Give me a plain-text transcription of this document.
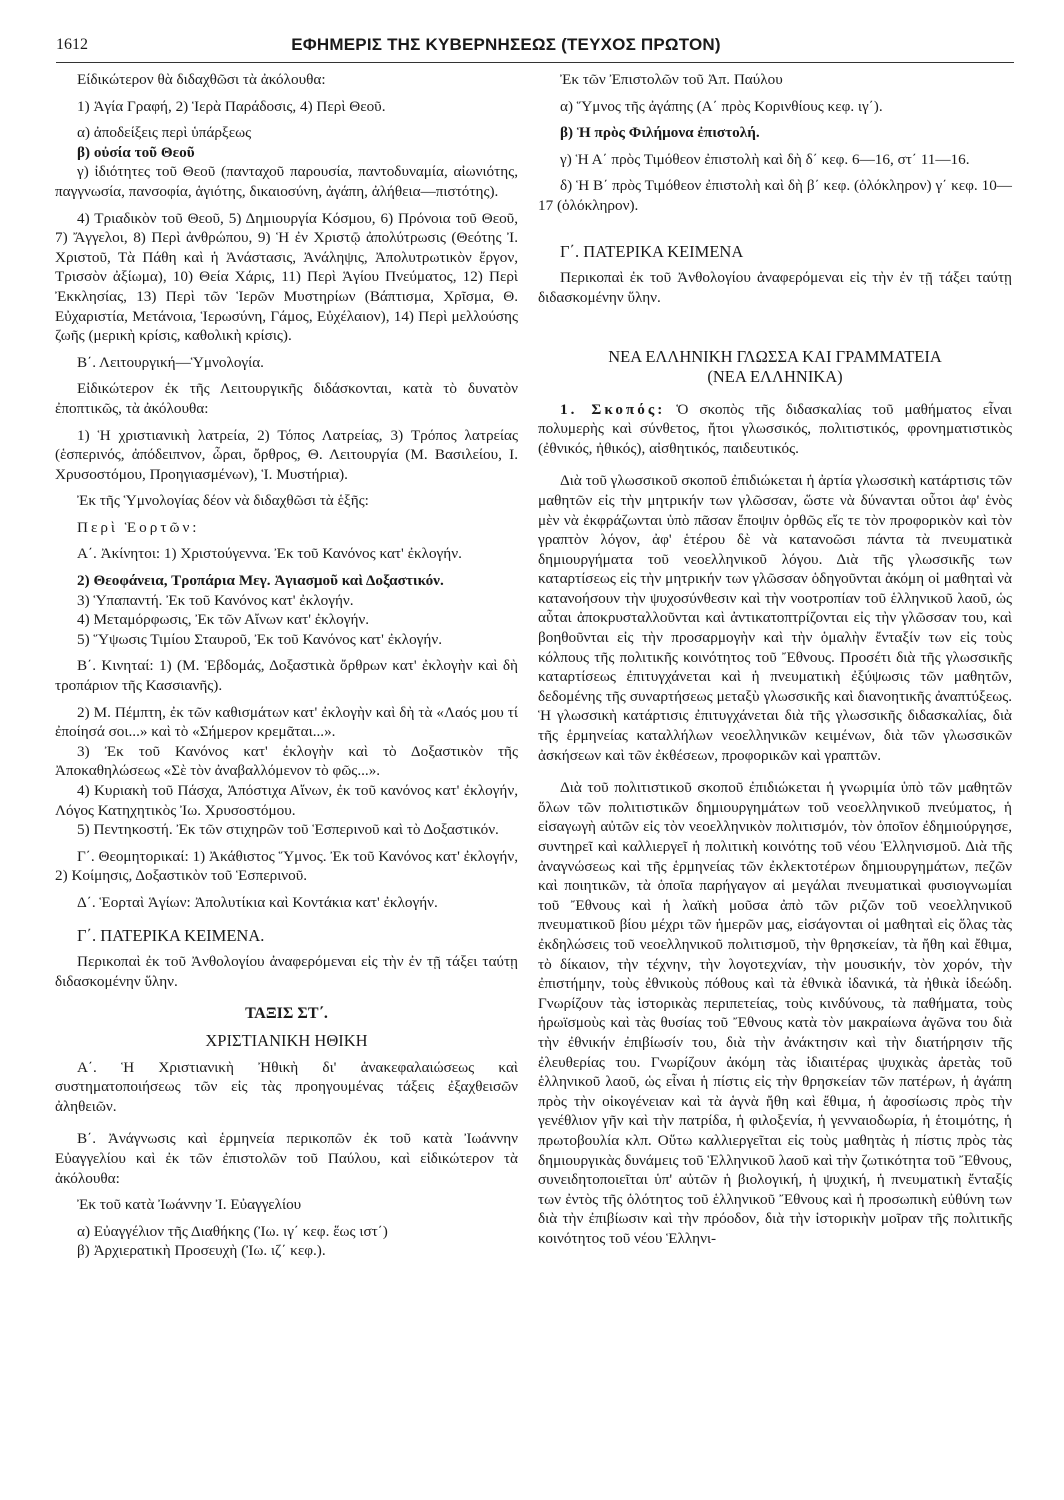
1612	ΕΦΗΜΕΡΙΣ ΤΗΣ ΚΥΒΕΡΝΗΣΕΩΣ (ΤΕΥΧΟΣ ΠΡΩΤΟΝ)

Είδικώτερον θὰ διδαχθῶσι τὰ ἀκόλουθα:

1) Ἁγία Γραφή, 2) Ἱερὰ Παράδοσις, 4) Περὶ Θεοῦ.

α) ἀποδείξεις περὶ ὑπάρξεως

β) οὐσία τοῦ Θεοῦ

γ) ἰδιότητες τοῦ Θεοῦ (πανταχοῦ παρουσία, παντοδυναμία, αἰωνιότης, παγγνωσία, πανσοφία, ἁγιότης, δικαιοσύνη, ἀγάπη, ἀλήθεια—πιστότης).

4) Τριαδικὸν τοῦ Θεοῦ, 5) Δημιουργία Κόσμου, 6) Πρόνοια τοῦ Θεοῦ, 7) Ἄγγελοι, 8) Περὶ ἀνθρώπου, 9) Ἡ ἐν Χριστῷ ἀπολύτρωσις (Θεότης Ἰ. Χριστοῦ, Τὰ Πάθη καὶ ἡ Ἀνάστασις, Ἀνάληψις, Ἀπολυτρωτικὸν ἔργον, Τρισσὸν ἀξίωμα), 10) Θεία Χάρις, 11) Περὶ Ἁγίου Πνεύματος, 12) Περὶ Ἐκκλησίας, 13) Περὶ τῶν Ἱερῶν Μυστηρίων (Βάπτισμα, Χρῖσμα, Θ. Εὐχαριστία, Μετάνοια, Ἱερωσύνη, Γάμος, Εὐχέλαιον), 14) Περὶ μελλούσης ζωῆς (μερικὴ κρίσις, καθολικὴ κρίσις).

Β΄. Λειτουργική—Ὑμνολογία.

Εἰδικώτερον ἐκ τῆς Λειτουργικῆς διδάσκονται, κατὰ τὸ δυνατὸν ἐποπτικῶς, τὰ ἀκόλουθα:

1) Ἡ χριστιανικὴ λατρεία, 2) Τόπος Λατρείας, 3) Τρόπος λατρείας (ἑσπερινός, ἀπόδειπνον, ὧραι, ὄρθρος, Θ. Λειτουργία (Μ. Βασιλείου, Ι. Χρυσοστόμου, Προηγιασμένων), Ἱ. Μυστήρια).

Ἐκ τῆς Ὑμνολογίας δέον νὰ διδαχθῶσι τὰ ἑξῆς:

Περὶ Ἑορτῶν:

Α΄. Ἀκίνητοι: 1) Χριστούγεννα. Ἐκ τοῦ Κανόνος κατ' ἐκλογήν.

2) Θεοφάνεια, Τροπάρια Μεγ. Ἁγιασμοῦ καὶ Δοξαστικόν.

3) Ὑπαπαντή. Ἐκ τοῦ Κανόνος κατ' ἐκλογήν.

4) Μεταμόρφωσις, Ἐκ τῶν Αἴνων κατ' ἐκλογήν.

5) Ὕψωσις Τιμίου Σταυροῦ, Ἐκ τοῦ Κανόνος κατ' ἐκλογήν.

Β΄. Κινηταί: 1) (Μ. Ἑβδομάς, Δοξαστικὰ ὄρθρων κατ' ἐκλογὴν καὶ δὴ τροπάριον τῆς Κασσιανῆς).

2) Μ. Πέμπτη, ἐκ τῶν καθισμάτων κατ' ἐκλογὴν καὶ δὴ τὰ «Λαός μου τί ἐποίησά σοι...» καὶ τὸ «Σήμερον κρεμᾶται...».

3) Ἐκ τοῦ Κανόνος κατ' ἐκλογὴν καὶ τὸ Δοξαστικὸν τῆς Ἀποκαθηλώσεως «Σὲ τὸν ἀναβαλλόμενον τὸ φῶς...».

4) Κυριακὴ τοῦ Πάσχα, Ἀπόστιχα Αἴνων, ἐκ τοῦ κανόνος κατ' ἐκλογήν, Λόγος Κατηχητικὸς Ἰω. Χρυσοστόμου.

5) Πεντηκοστή. Ἐκ τῶν στιχηρῶν τοῦ Ἑσπερινοῦ καὶ τὸ Δοξαστικόν.

Γ΄. Θεομητορικαί: 1) Ἀκάθιστος Ὕμνος. Ἐκ τοῦ Κανόνος κατ' ἐκλογήν, 2) Κοίμησις, Δοξαστικὸν τοῦ Ἑσπερινοῦ.

Δ΄. Ἑορταὶ Ἁγίων: Ἀπολυτίκια καὶ Κοντάκια κατ' ἐκλογήν.

Γ΄. ΠΑΤΕΡΙΚΑ ΚΕΙΜΕΝΑ.

Περικοπαὶ ἐκ τοῦ Ἀνθολογίου ἀναφερόμεναι εἰς τὴν ἐν τῇ τάξει ταύτῃ διδασκομένην ὕλην.

ΤΑΞΙΣ ΣΤ΄.

ΧΡΙΣΤΙΑΝΙΚΗ ΗΘΙΚΗ

Α΄. Ἡ Χριστιανικὴ Ἠθικὴ δι' ἀνακεφαλαιώσεως καὶ συστηματοποιήσεως τῶν εἰς τὰς προηγουμένας τάξεις ἐξαχθεισῶν ἀληθειῶν.

Β΄. Ἀνάγνωσις καὶ ἑρμηνεία περικοπῶν ἐκ τοῦ κατὰ Ἰωάννην Εὐαγγελίου καὶ ἐκ τῶν ἐπιστολῶν τοῦ Παύλου, καὶ εἰδικώτερον τὰ ἀκόλουθα:

Ἐκ τοῦ κατὰ Ἰωάννην Ἰ. Εὐαγγελίου

α) Εὐαγγέλιον τῆς Διαθήκης (Ἰω. ιγ΄ κεφ. ἕως ιστ΄)

β) Ἀρχιερατικὴ Προσευχὴ (Ἰω. ιζ΄ κεφ.).

Ἐκ τῶν Ἐπιστολῶν τοῦ Ἀπ. Παύλου

α) Ὕμνος τῆς ἀγάπης (Α΄ πρὸς Κορινθίους κεφ. ιγ΄).

β) Ἡ πρὸς Φιλήμονα ἐπιστολή.

γ) Ἡ Α΄ πρὸς Τιμόθεον ἐπιστολὴ καὶ δὴ δ΄ κεφ. 6—16, στ΄ 11—16.

δ) Ἡ Β΄ πρὸς Τιμόθεον ἐπιστολὴ καὶ δὴ β΄ κεφ. (ὁλόκληρον) γ΄ κεφ. 10—17 (ὁλόκληρον).

Γ΄. ΠΑΤΕΡΙΚΑ ΚΕΙΜΕΝΑ

Περικοπαὶ ἐκ τοῦ Ἀνθολογίου ἀναφερόμεναι εἰς τὴν ἐν τῇ τάξει ταύτῃ διδασκομένην ὕλην.

ΝΕΑ ΕΛΛΗΝΙΚΗ ΓΛΩΣΣΑ ΚΑΙ ΓΡΑΜΜΑΤΕΙΑ

(ΝΕΑ ΕΛΛΗΝΙΚΑ)

1. Σκοπός: Ὁ σκοπὸς τῆς διδασκαλίας τοῦ μαθήματος εἶναι πολυμερὴς καὶ σύνθετος, ἤτοι γλωσσικός, πολιτιστικός, φρονηματιστικὸς (ἐθνικός, ἠθικός), αἰσθητικός, παιδευτικός.

Διὰ τοῦ γλωσσικοῦ σκοποῦ ἐπιδιώκεται ἡ ἀρτία γλωσσικὴ κατάρτισις τῶν μαθητῶν εἰς τὴν μητρικήν των γλῶσσαν, ὥστε νὰ δύνανται οὗτοι ἀφ' ἑνὸς μὲν νὰ ἐκφράζωνται ὑπὸ πᾶσαν ἔποψιν ὀρθῶς εἴς τε τὸν προφορικὸν καὶ τὸν γραπτὸν λόγον, ἀφ' ἑτέρου δὲ νὰ κατανοῶσι πάντα τὰ πνευματικὰ δημιουργήματα τοῦ νεοελληνικοῦ λόγου. Διὰ τῆς γλωσσικῆς των καταρτίσεως εἰς τὴν μητρικήν των γλῶσσαν ὁδηγοῦνται ἀκόμη οἱ μαθηταὶ νὰ κατανοήσουν τὴν ψυχοσύνθεσιν καὶ τὴν νοοτροπίαν τοῦ ἑλληνικοῦ λαοῦ, ὡς αὗται ἀποκρυσταλλοῦνται καὶ ἀντικατοπτρίζονται εἰς τὴν γλῶσσαν του, καὶ βοηθοῦνται εἰς τὴν προσαρμογὴν καὶ τὴν ὁμαλὴν ἔνταξίν των εἰς τοὺς κόλπους τῆς πολιτικῆς κοινότητος τοῦ Ἔθνους. Προσέτι διὰ τῆς γλωσσικῆς καταρτίσεως ἐπιτυγχάνεται καὶ ἡ πνευματικὴ ἐξύψωσις τῶν μαθητῶν, δεδομένης τῆς συναρτήσεως μεταξὺ γλωσσικῆς καὶ διανοητικῆς ἀναπτύξεως. Ἡ γλωσσικὴ κατάρτισις ἐπιτυγχάνεται διὰ τῆς γλωσσικῆς διδασκαλίας, διὰ τῆς ἑρμηνείας καταλλήλων νεοελληνικῶν κειμένων, διὰ τῶν γλωσσικῶν ἀσκήσεων καὶ τῶν ἐκθέσεων, προφορικῶν καὶ γραπτῶν.

Διὰ τοῦ πολιτιστικοῦ σκοποῦ ἐπιδιώκεται ἡ γνωριμία ὑπὸ τῶν μαθητῶν ὅλων τῶν πολιτιστικῶν δημιουργημάτων τοῦ νεοελληνικοῦ πνεύματος, ἡ εἰσαγωγὴ αὐτῶν εἰς τὸν νεοελληνικὸν πολιτισμόν, τὸν ὁποῖον ἐδημιούργησε, συντηρεῖ καὶ καλλιεργεῖ ἡ πολιτικὴ κοινότης τοῦ νέου Ἑλληνισμοῦ. Διὰ τῆς ἀναγνώσεως καὶ τῆς ἑρμηνείας τῶν ἐκλεκτοτέρων δημιουργημάτων, πεζῶν καὶ ποιητικῶν, τὰ ὁποῖα παρήγαγον αἱ μεγάλαι πνευματικαὶ φυσιογνωμίαι τοῦ Ἔθνους καὶ ἡ λαϊκὴ μοῦσα ἀπὸ τῶν ριζῶν τοῦ νεοελληνικοῦ πνευματικοῦ βίου μέχρι τῶν ἡμερῶν μας, εἰσάγονται οἱ μαθηταὶ εἰς ὅλας τὰς ἐκδηλώσεις τοῦ νεοελληνικοῦ πολιτισμοῦ, τὴν θρησκείαν, τὰ ἤθη καὶ ἔθιμα, τὸ δίκαιον, τὴν τέχνην, τὴν λογοτεχνίαν, τὴν μουσικήν, τὸν χορόν, τὴν ἐπιστήμην, τοὺς ἐθνικοὺς πόθους καὶ τὰ ἐθνικὰ ἰδανικά, τὰ ἠθικὰ ἰδεώδη. Γνωρίζουν τὰς ἱστορικὰς περιπετείας, τοὺς κινδύνους, τὰ παθήματα, τοὺς ἡρωϊσμοὺς καὶ τὰς θυσίας τοῦ Ἔθνους κατὰ τὸν μακραίωνα ἀγῶνα του διὰ τὴν ἐθνικήν ἐπιβίωσίν του, διὰ τὴν ἀνάκτησιν καὶ τὴν διατήρησιν τῆς ἐλευθερίας του. Γνωρίζουν ἀκόμη τὰς ἰδιαιτέρας ψυχικὰς ἀρετὰς τοῦ ἑλληνικοῦ λαοῦ, ὡς εἶναι ἡ πίστις εἰς τὴν θρησκείαν τῶν πατέρων, ἡ ἀγάπη πρὸς τὴν οἰκογένειαν καὶ τὰ ἁγνὰ ἤθη καὶ ἔθιμα, ἡ ἀφοσίωσις πρὸς τὴν γενέθλιον γῆν καὶ τὴν πατρίδα, ἡ φιλοξενία, ἡ γενναιοδωρία, ἡ ἑτοιμότης, ἡ πρωτοβουλία κλπ. Οὕτω καλλιεργεῖται εἰς τοὺς μαθητὰς ἡ πίστις πρὸς τὰς δημιουργικὰς δυνάμεις τοῦ Ἑλληνικοῦ λαοῦ καὶ τὴν ζωτικότητα τοῦ Ἔθνους, συνειδητοποιεῖται ὑπ' αὐτῶν ἡ βιολογική, ἡ ψυχική, ἡ πνευματικὴ ἔνταξίς των ἐντὸς τῆς ὁλότητος τοῦ ἑλληνικοῦ Ἔθνους καὶ ἡ προσωπικὴ εὐθύνη των διὰ τὴν ἐπιβίωσιν καὶ τὴν πρόοδον, διὰ τὴν ἱστορικὴν μοῖραν τῆς πολιτικῆς κοινότητος τοῦ νέου Ἑλληνι-
